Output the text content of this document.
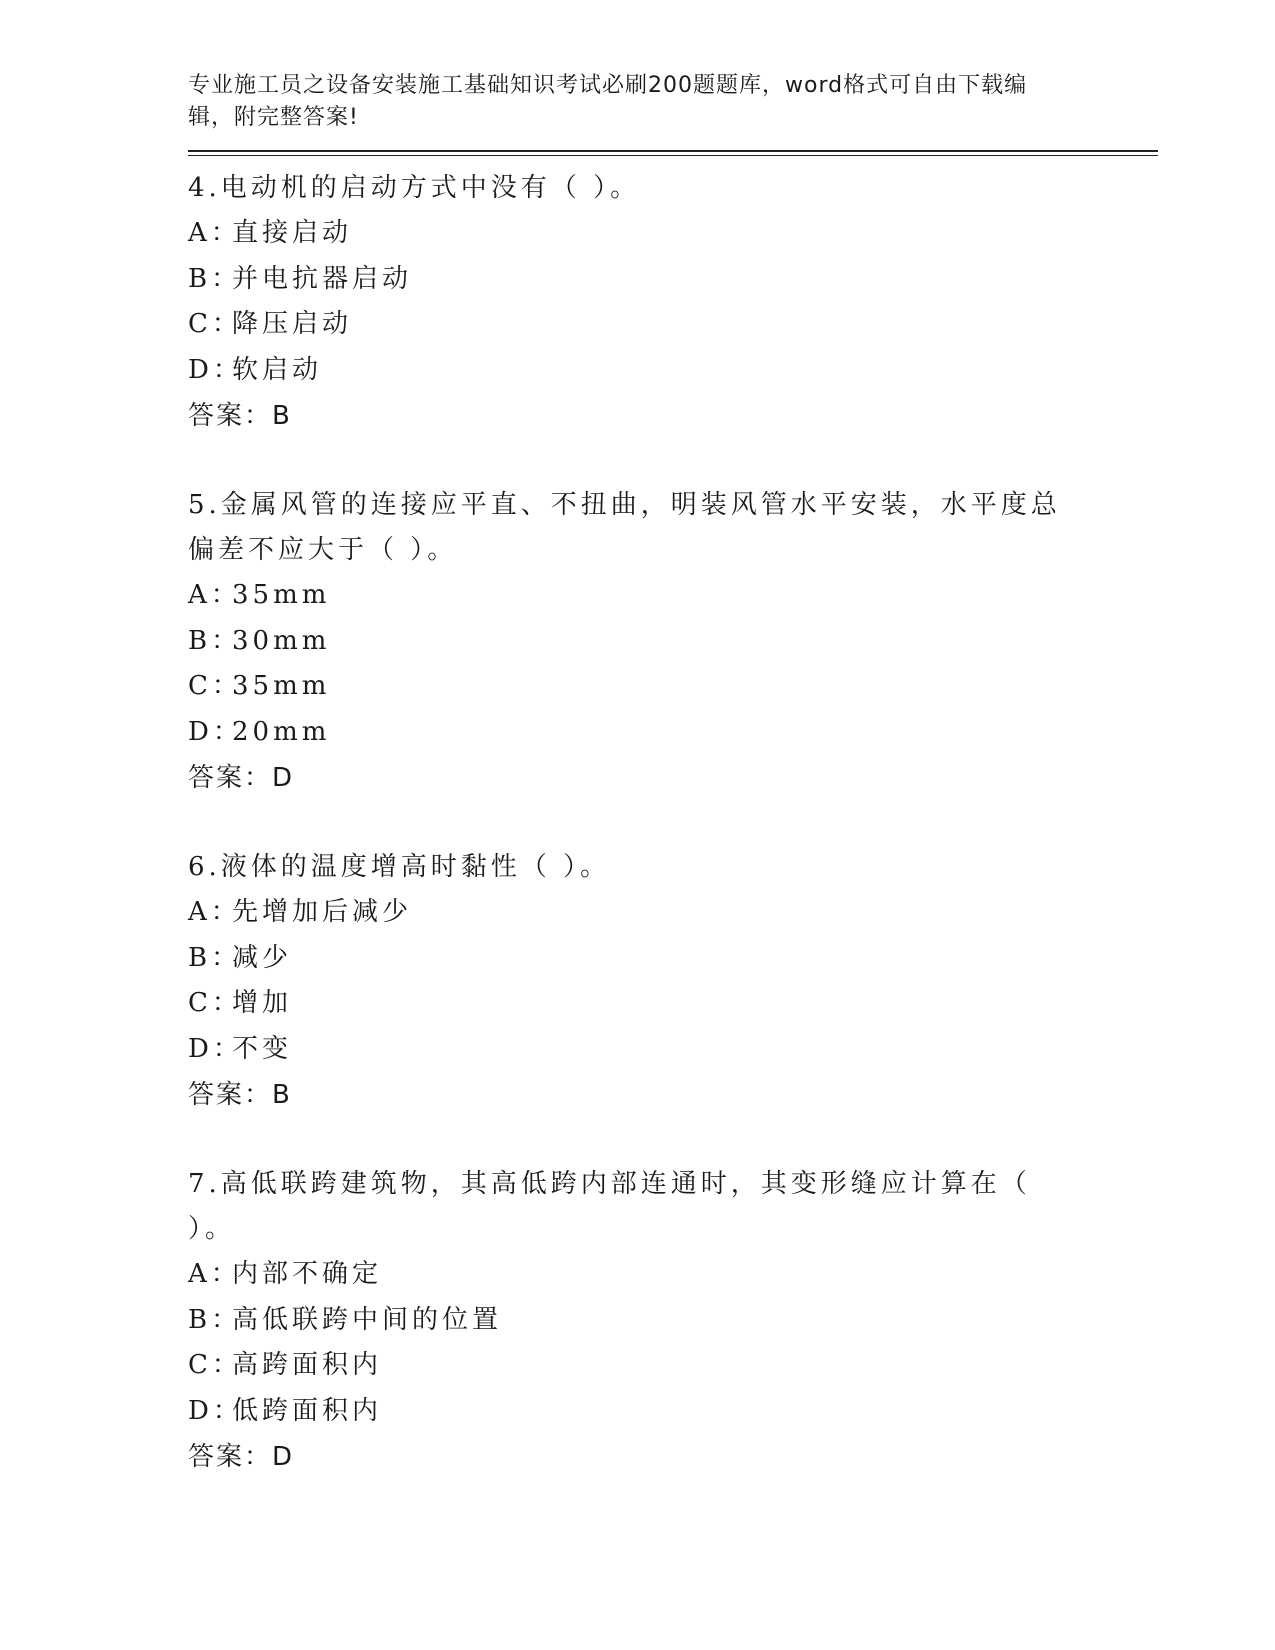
专业施工员之设备安装施工基础知识考试必刷200题题库，word格式可自由下载编辑，附完整答案!
4.电动机的启动方式中没有（ ）。
A：
直接启动
B：
并电抗器启动
C：
降压启动
D：
软启动
答案：B
5.金属风管的连接应平直、不扭曲，明装风管水平安装，水平度总偏差不应大于（ ）。
A：
35mm
B：
30mm
C：
35mm
D：
20mm
答案：D
6.液体的温度增高时黏性（ ）。
A：
先增加后减少
B：
减少
C：
增加
D：
不变
答案：B
7.高低联跨建筑物，其高低跨内部连通时，其变形缝应计算在（ ）。
A：
内部不确定
B：
高低联跨中间的位置
C：
高跨面积内
D：
低跨面积内
答案：D
